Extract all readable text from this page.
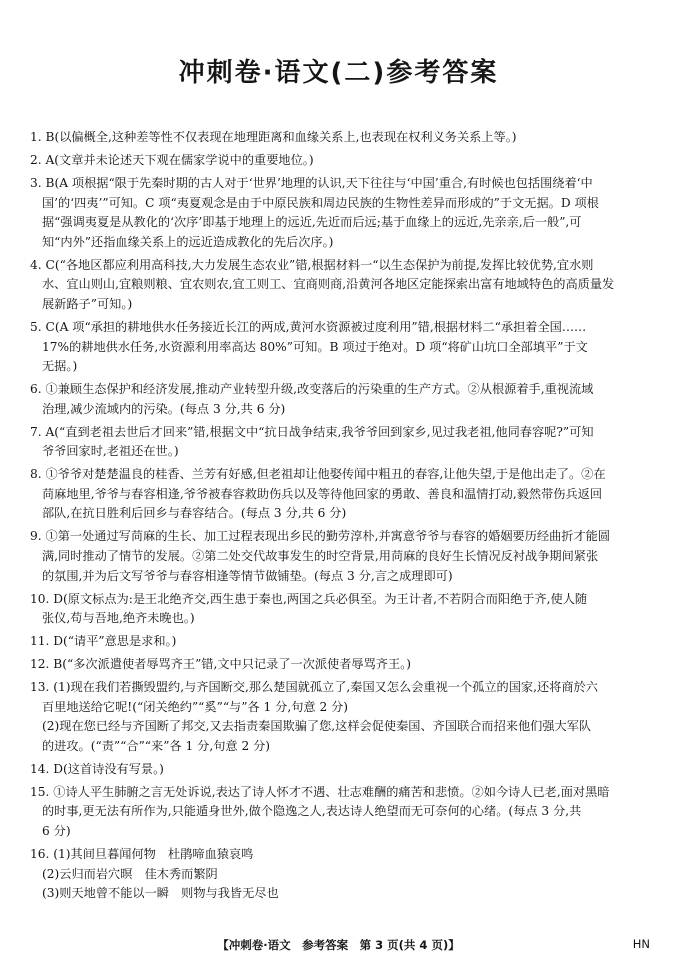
冲刺卷·语文(二)参考答案
1. B(以偏概全,这种差等性不仅表现在地理距离和血缘关系上,也表现在权利义务关系上等。)
2. A(文章并未论述天下观在儒家学说中的重要地位。)
3. B(A 项根据“限于先秦时期的古人对于‘世界’地理的认识,天下往往与‘中国’重合,有时候也包括围绕着‘中
国’的‘四夷’”可知。C 项“夷夏观念是由于中原民族和周边民族的生物性差异而形成的”于文无据。D 项根
据“强调夷夏是从教化的‘次序’即基于地理上的远近,先近而后远;基于血缘上的远近,先亲亲,后一般”,可
知“内外”还指血缘关系上的远近造成教化的先后次序。)
4. C(“各地区都应利用高科技,大力发展生态农业”错,根据材料一“以生态保护为前提,发挥比较优势,宜水则
水、宜山则山,宜粮则粮、宜农则农,宜工则工、宜商则商,沿黄河各地区定能探索出富有地域特色的高质量发
展新路子”可知。)
5. C(A 项“承担的耕地供水任务接近长江的两成,黄河水资源被过度利用”错,根据材料二“承担着全国……
17%的耕地供水任务,水资源利用率高达 80%”可知。B 项过于绝对。D 项“将矿山坑口全部填平”于文
无据。)
6. ①兼顾生态保护和经济发展,推动产业转型升级,改变落后的污染重的生产方式。②从根源着手,重视流域
治理,减少流域内的污染。(每点 3 分,共 6 分)
7. A(“直到老祖去世后才回来”错,根据文中“抗日战争结束,我爷爷回到家乡,见过我老祖,他同春容呢?”可知
爷爷回家时,老祖还在世。)
8. ①爷爷对楚楚温良的桂香、兰芳有好感,但老祖却让他娶传闻中粗丑的春容,让他失望,于是他出走了。②在
苘麻地里,爷爷与春容相逢,爷爷被春容救助伤兵以及等待他回家的勇敢、善良和温情打动,毅然带伤兵返回
部队,在抗日胜利后回乡与春容结合。(每点 3 分,共 6 分)
9. ①第一处通过写苘麻的生长、加工过程表现出乡民的勤劳淳朴,并寓意爷爷与春容的婚姻要历经曲折才能圆
满,同时推动了情节的发展。②第二处交代故事发生的时空背景,用苘麻的良好生长情况反衬战争期间紧张
的氛围,并为后文写爷爷与春容相逢等情节做铺垫。(每点 3 分,言之成理即可)
10. D(原文标点为:是王北绝齐交,西生患于秦也,两国之兵必俱至。为王计者,不若阴合而阳绝于齐,使人随
张仪,苟与吾地,绝齐未晚也。)
11. D(“请平”意思是求和。)
12. B(“多次派遣使者辱骂齐王”错,文中只记录了一次派使者辱骂齐王。)
13. (1)现在我们若撕毁盟约,与齐国断交,那么楚国就孤立了,秦国又怎么会重视一个孤立的国家,还将商於六
百里地送给它呢!(“闭关绝约”“奚”“与”各 1 分,句意 2 分)
(2)现在您已经与齐国断了邦交,又去指责秦国欺骗了您,这样会促使秦国、齐国联合而招来他们强大军队
的进攻。(“责”“合”“来”各 1 分,句意 2 分)
14. D(这首诗没有写景。)
15. ①诗人平生肺腑之言无处诉说,表达了诗人怀才不遇、壮志难酬的痛苦和悲愤。②如今诗人已老,面对黑暗
的时事,更无法有所作为,只能遁身世外,做个隐逸之人,表达诗人绝望而无可奈何的心绪。(每点 3 分,共
6 分)
16. (1)其间旦暮闻何物　杜鹃啼血猿哀鸣
(2)云归而岩穴暝　佳木秀而繁阴
(3)则天地曾不能以一瞬　则物与我皆无尽也
【冲刺卷·语文　参考答案　第 3 页(共 4 页)】	HN
